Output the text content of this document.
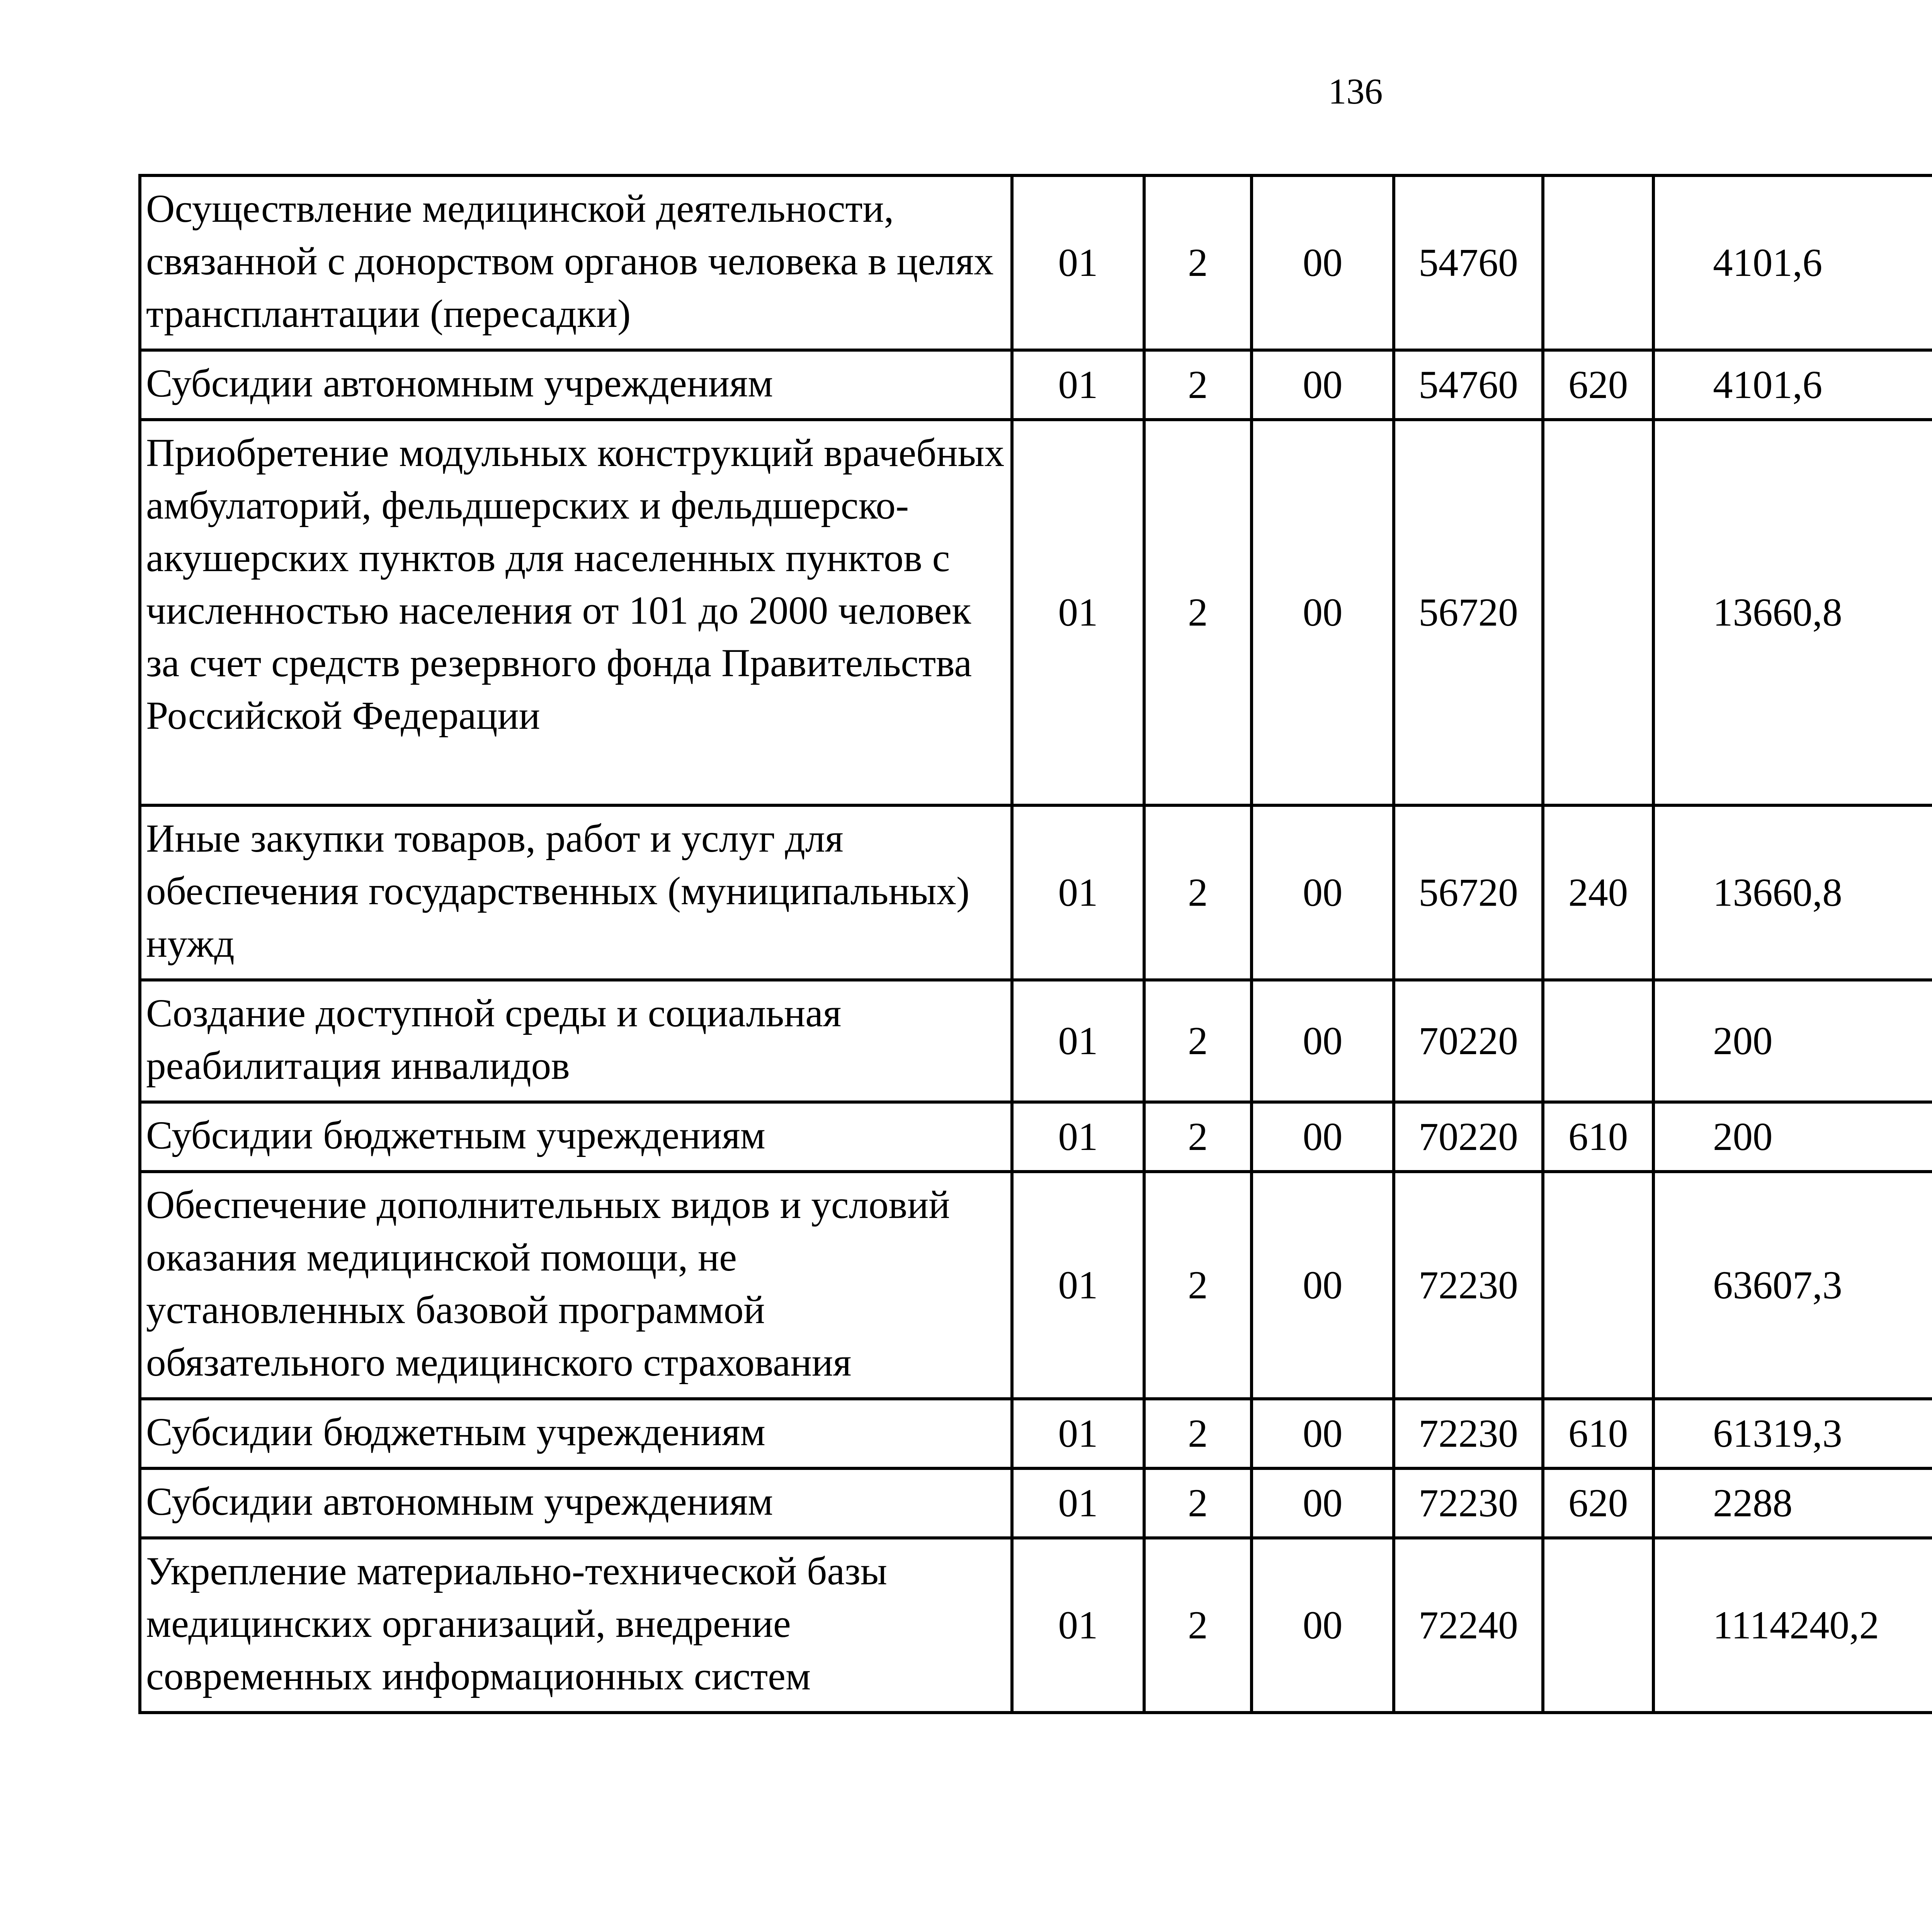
136
Осуществление медицинской деятельности, связанной с донорством органов человека в целях трансплантации (пересадки)	01	2	00	54760		4101,6		
Субсидии автономным учреждениям	01	2	00	54760	620	4101,6		
Приобретение модульных конструкций врачебных амбулаторий, фельдшерских и фельдшерско-акушерских пунктов для населенных пунктов с численностью населения от 101 до 2000 человек за счет средств резервного фонда Правительства Российской Федерации	01	2	00	56720		13660,8		
Иные закупки товаров, работ и услуг для обеспечения государственных (муниципальных) нужд	01	2	00	56720	240	13660,8		
Создание доступной среды и социальная реабилитация инвалидов	01	2	00	70220		200		
Субсидии бюджетным учреждениям	01	2	00	70220	610	200		
Обеспечение дополнительных видов и условий оказания медицинской помощи, не установленных базовой программой обязательного медицинского страхования	01	2	00	72230		63607,3		
Субсидии бюджетным учреждениям	01	2	00	72230	610	61319,3		
Субсидии автономным учреждениям	01	2	00	72230	620	2288		
Укрепление материально-технической базы медицинских организаций, внедрение современных информационных систем	01	2	00	72240		1114240,2		
